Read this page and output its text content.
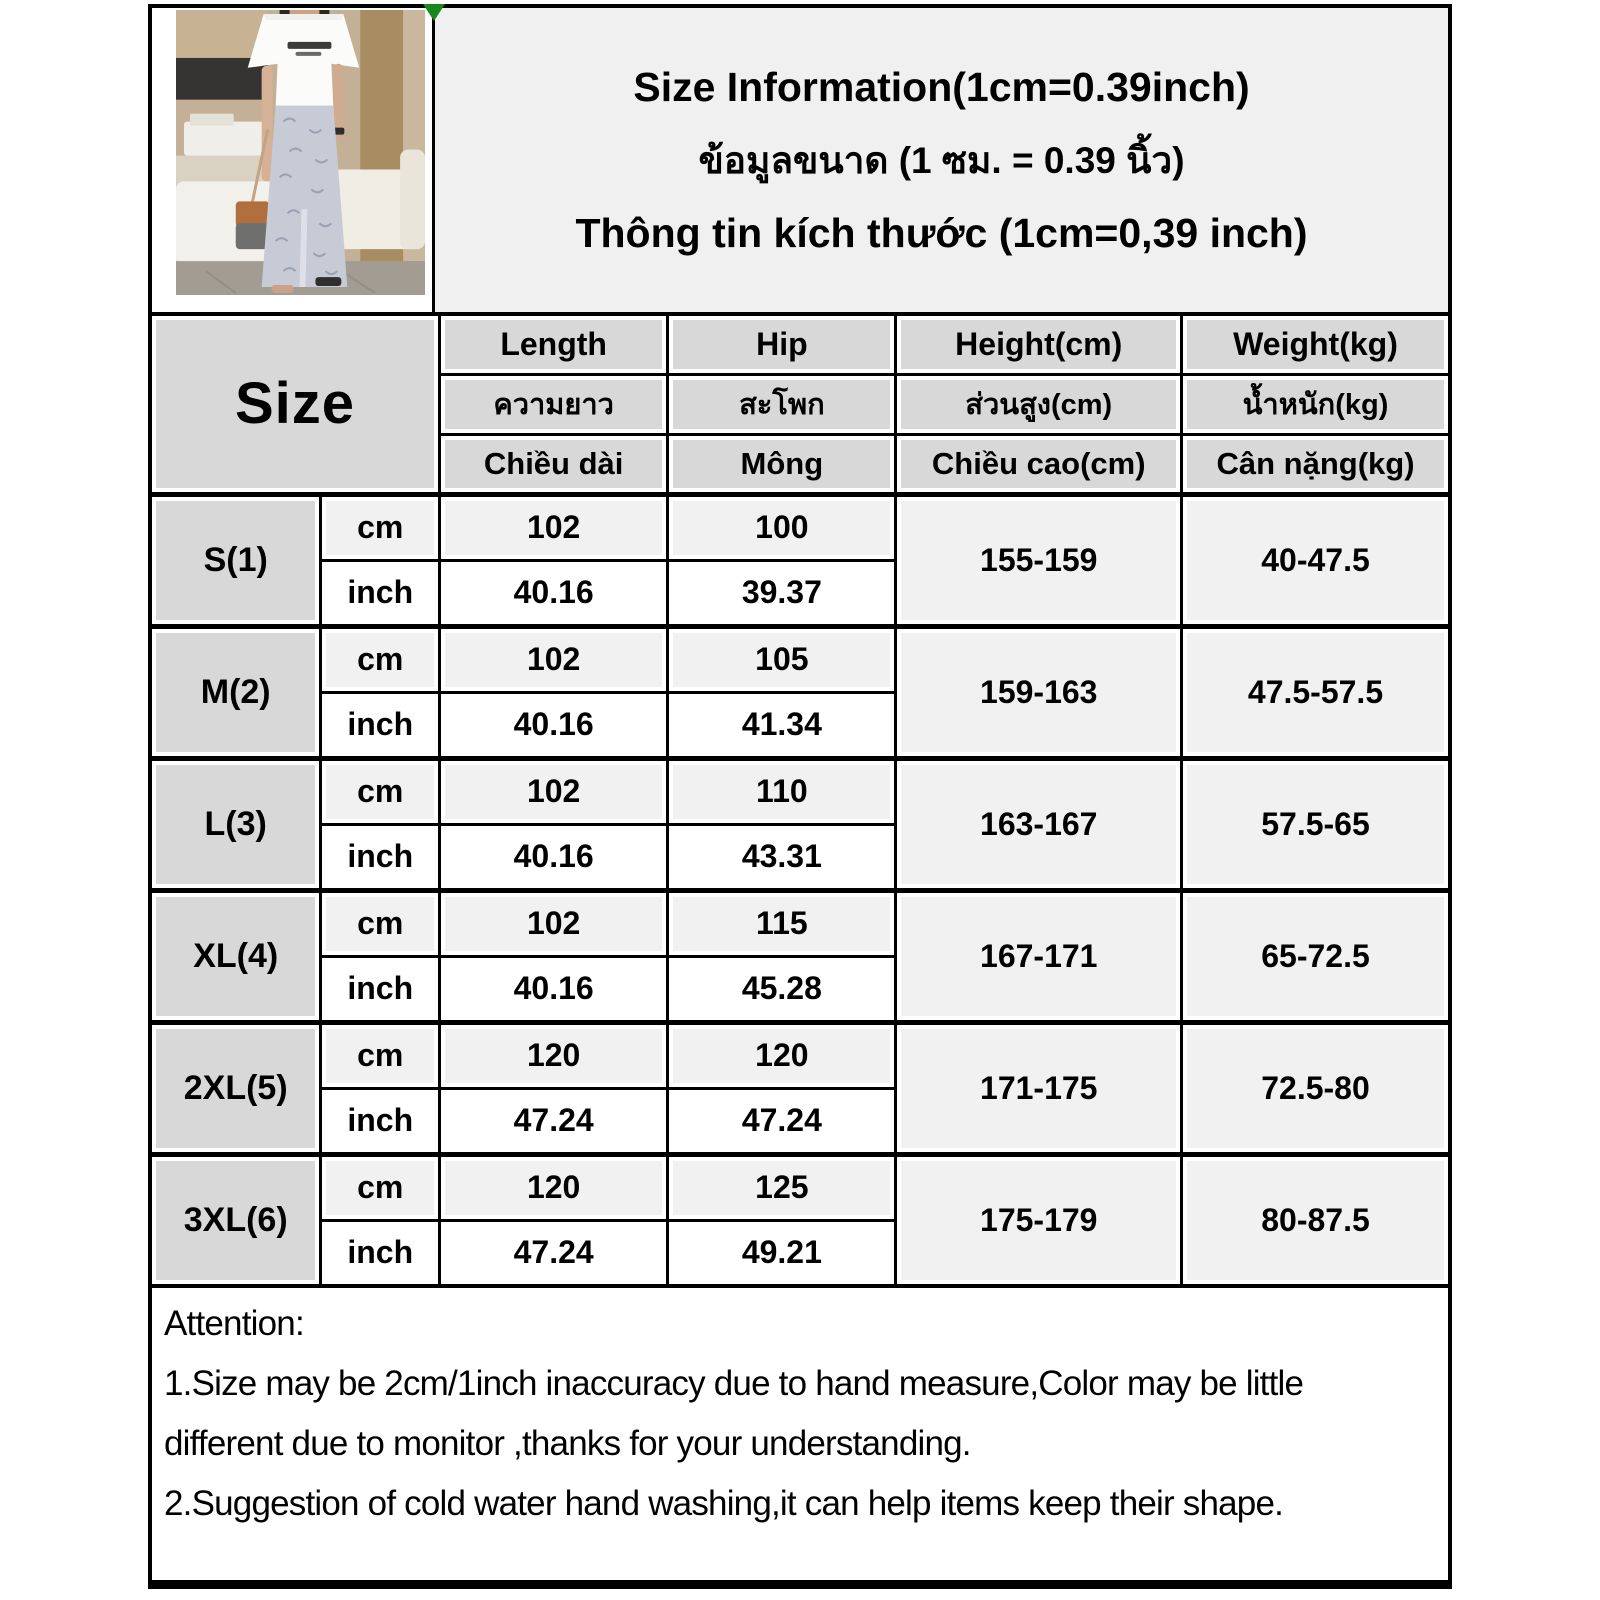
Size Information(1cm=0.39inch)
ข้อมูลขนาด (1 ซม. = 0.39 นิ้ว)
Thông tin kích thước (1cm=0,39 inch)
Size		Length	Hip	Height(cm)	Weight(kg)
		ความยาว	สะโพก	ส่วนสูง(cm)	น้ำหนัก(kg)
		Chiều dài	Mông	Chiều cao(cm)	Cân nặng(kg)
S(1)	cm	102	100	155-159	40-47.5
	inch	40.16	39.37		
M(2)	cm	102	105	159-163	47.5-57.5
	inch	40.16	41.34		
L(3)	cm	102	110	163-167	57.5-65
	inch	40.16	43.31		
XL(4)	cm	102	115	167-171	65-72.5
	inch	40.16	45.28		
2XL(5)	cm	120	120	171-175	72.5-80
	inch	47.24	47.24		
3XL(6)	cm	120	125	175-179	80-87.5
	inch	47.24	49.21		
Attention:
1.Size may be 2cm/1inch inaccuracy due to hand measure,Color may be little
different due to monitor ,thanks for your understanding.
2.Suggestion of cold water hand washing,it can help items keep their shape.
